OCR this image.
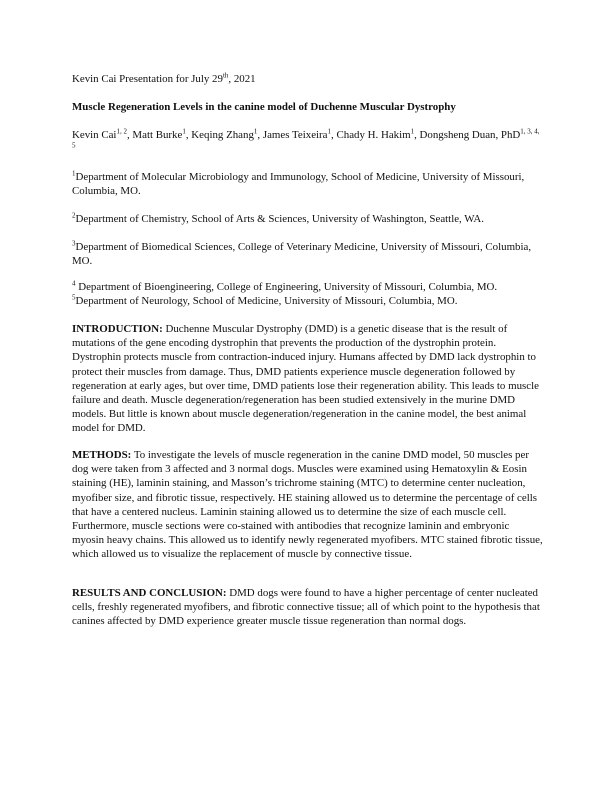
Kevin Cai Presentation for July 29th, 2021

Muscle Regeneration Levels in the canine model of Duchenne Muscular Dystrophy

Kevin Cai$^{1, 2}$, Matt Burke$^1$, Keqing Zhang$^1$, James Teixeira$^1$, Chady H. Hakim$^1$, Dongsheng Duan, PhD$^{1, 3, 4, 5}$

$^1$Department of Molecular Microbiology and Immunology, School of Medicine, University of Missouri, Columbia, MO.

$^2$Department of Chemistry, School of Arts & Sciences, University of Washington, Seattle, WA.

$^3$Department of Biomedical Sciences, College of Veterinary Medicine, University of Missouri, Columbia, MO.

$^4$ Department of Bioengineering, College of Engineering, University of Missouri, Columbia, MO.

$^5$Department of Neurology, School of Medicine, University of Missouri, Columbia, MO.

INTRODUCTION: Duchenne Muscular Dystrophy (DMD) is a genetic disease that is the result of mutations of the gene encoding dystrophin that prevents the production of the dystrophin protein. Dystrophin protects muscle from contraction-induced injury. Humans affected by DMD lack dystrophin to protect their muscles from damage. Thus, DMD patients experience muscle degeneration followed by regeneration at early ages, but over time, DMD patients lose their regeneration ability. This leads to muscle failure and death. Muscle degeneration/regeneration has been studied extensively in the murine DMD models. But little is known about muscle degeneration/regeneration in the canine model, the best animal model for DMD.

METHODS: To investigate the levels of muscle regeneration in the canine DMD model, 50 muscles per dog were taken from 3 affected and 3 normal dogs. Muscles were examined using Hematoxylin & Eosin staining (HE), laminin staining, and Masson’s trichrome staining (MTC) to determine center nucleation, myofiber size, and fibrotic tissue, respectively. HE staining allowed us to determine the percentage of cells that have a centered nucleus. Laminin staining allowed us to determine the size of each muscle cell. Furthermore, muscle sections were co-stained with antibodies that recognize laminin and embryonic myosin heavy chains. This allowed us to identify newly regenerated myofibers. MTC stained fibrotic tissue, which allowed us to visualize the replacement of muscle by connective tissue.

RESULTS AND CONCLUSION: DMD dogs were found to have a higher percentage of center nucleated cells, freshly regenerated myofibers, and fibrotic connective tissue; all of which point to the hypothesis that canines affected by DMD experience greater muscle tissue regeneration than normal dogs.
